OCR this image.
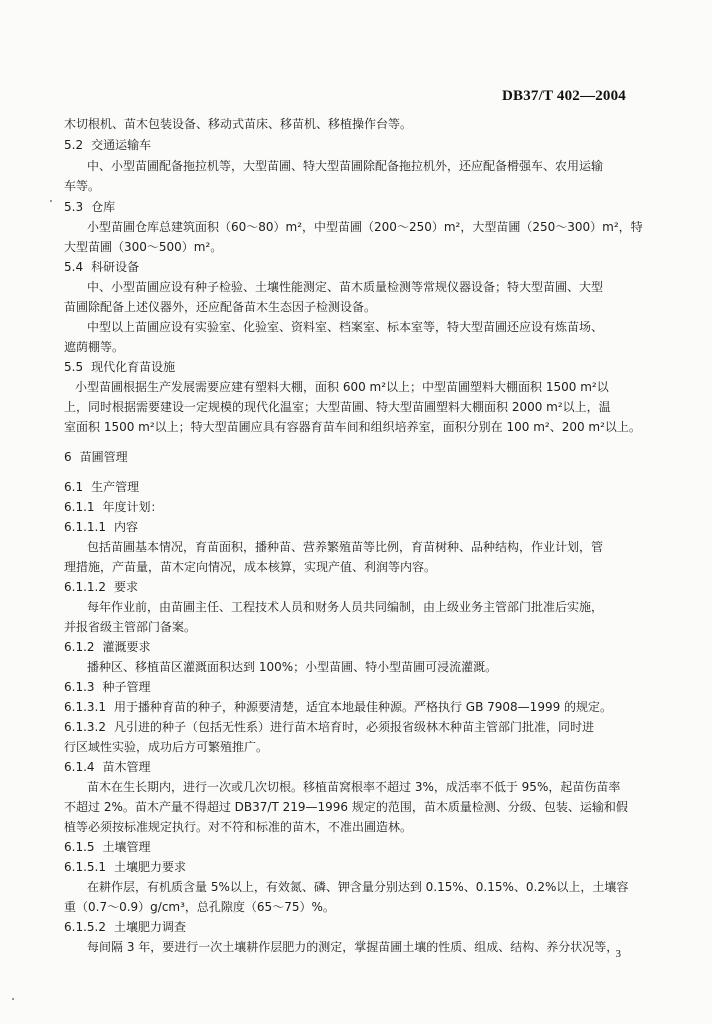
DB37/T 402—2004
木切根机、苗木包装设备、移动式苗床、移苗机、移植操作台等。
5.2 交通运输车
中、小型苗圃配备拖拉机等，大型苗圃、特大型苗圃除配备拖拉机外，还应配备榾强车、农用运输
车等。
5.3 仓库
小型苗圃仓库总建筑面积（60～80）m²，中型苗圃（200～250）m²，大型苗圃（250～300）m²，特
大型苗圃（300～500）m²。
5.4 科研设备
中、小型苗圃应设有种子检验、土壤性能测定、苗木质量检测等常规仪器设备；特大型苗圃、大型
苗圃除配备上述仪器外，还应配备苗木生态因子检测设备。
中型以上苗圃应设有实验室、化验室、资料室、档案室、标本室等，特大型苗圃还应设有炼苗场、
遮荫棚等。
5.5 现代化育苗设施
小型苗圃根据生产发展需要应建有塑料大棚，面积 600 m²以上；中型苗圃塑料大棚面积 1500 m²以
上，同时根据需要建设一定规模的现代化温室；大型苗圃、特大型苗圃塑料大棚面积 2000 m²以上，温
室面积 1500 m²以上；特大型苗圃应具有容器育苗车间和组织培养室，面积分别在 100 m²、200 m²以上。
6 苗圃管理
6.1 生产管理
6.1.1 年度计划：
6.1.1.1 内容
包括苗圃基本情况，育苗面积，播种苗、营养繁殖苗等比例，育苗树种、品种结构，作业计划，管
理措施，产苗量，苗木定向情况，成本核算，实现产值、利润等内容。
6.1.1.2 要求
每年作业前，由苗圃主任、工程技术人员和财务人员共同编制，由上级业务主管部门批准后实施，
并报省级主管部门备案。
6.1.2 灌溉要求
播种区、移植苗区灌溉面积达到 100%；小型苗圃、特小型苗圃可浸流灌溉。
6.1.3 种子管理
6.1.3.1 用于播种育苗的种子，种源要清楚，适宜本地最佳种源。严格执行 GB 7908—1999 的规定。
6.1.3.2 凡引进的种子（包括无性系）进行苗木培育时，必须报省级林木种苗主管部门批准，同时进
行区域性实验，成功后方可繁殖推广。
6.1.4 苗木管理
苗木在生长期内，进行一次或几次切根。移植苗窝根率不超过 3%，成活率不低于 95%，起苗伤苗率
不超过 2%。苗木产量不得超过 DB37/T 219—1996 规定的范围，苗木质量检测、分级、包装、运输和假
植等必须按标准规定执行。对不符和标准的苗木，不准出圃造林。
6.1.5 土壤管理
6.1.5.1 土壤肥力要求
在耕作层，有机质含量 5%以上，有效氮、磷、钾含量分别达到 0.15%、0.15%、0.2%以上，土壤容
重（0.7～0.9）g/cm³，总孔隙度（65～75）%。
6.1.5.2 土壤肥力调查
每间隔 3 年，要进行一次土壤耕作层肥力的测定，掌握苗圃土壤的性质、组成、结构、养分状况等，
3
